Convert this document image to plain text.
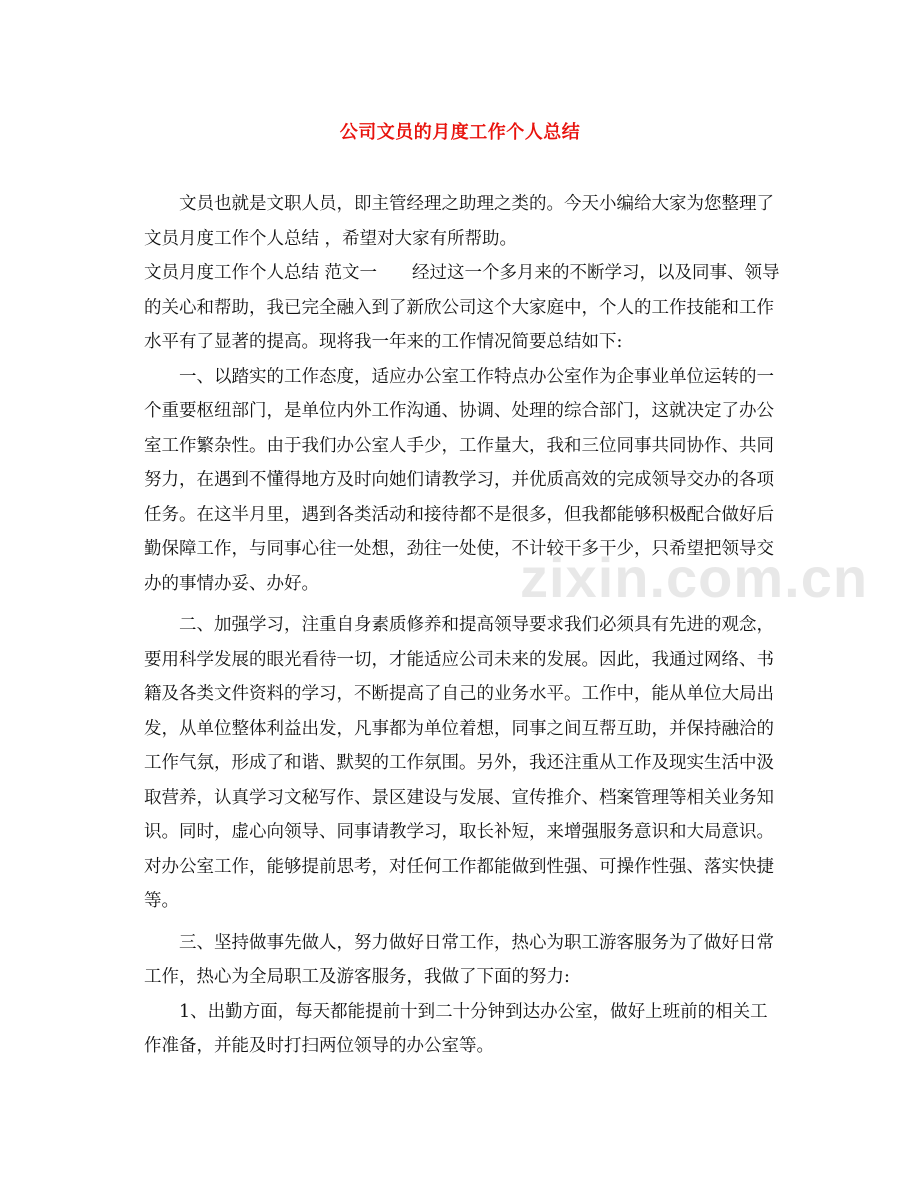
公司文员的月度工作个人总结

文员也就是文职人员，即主管经理之助理之类的。今天小编给大家为您整理了文员月度工作个人总结 ，希望对大家有所帮助。

文员月度工作个人总结 范文一　　经过这一个多月来的不断学习，以及同事、领导的关心和帮助，我已完全融入到了新欣公司这个大家庭中，个人的工作技能和工作水平有了显著的提高。现将我一年来的工作情况简要总结如下:

一、以踏实的工作态度，适应办公室工作特点办公室作为企事业单位运转的一个重要枢纽部门，是单位内外工作沟通、协调、处理的综合部门，这就决定了办公室工作繁杂性。由于我们办公室人手少，工作量大，我和三位同事共同协作、共同努力，在遇到不懂得地方及时向她们请教学习，并优质高效的完成领导交办的各项任务。在这半月里，遇到各类活动和接待都不是很多，但我都能够积极配合做好后勤保障工作，与同事心往一处想，劲往一处使，不计较干多干少，只希望把领导交办的事情办妥、办好。

二、加强学习，注重自身素质修养和提高领导要求我们必须具有先进的观念，要用科学发展的眼光看待一切，才能适应公司未来的发展。因此，我通过网络、书籍及各类文件资料的学习，不断提高了自己的业务水平。工作中，能从单位大局出发，从单位整体利益出发，凡事都为单位着想，同事之间互帮互助，并保持融洽的工作气氛，形成了和谐、默契的工作氛围。另外，我还注重从工作及现实生活中汲取营养，认真学习文秘写作、景区建设与发展、宣传推介、档案管理等相关业务知识。同时，虚心向领导、同事请教学习，取长补短，来增强服务意识和大局意识。对办公室工作，能够提前思考，对任何工作都能做到性强、可操作性强、落实快捷等。

三、坚持做事先做人，努力做好日常工作，热心为职工游客服务为了做好日常工作，热心为全局职工及游客服务，我做了下面的努力:

1、出勤方面，每天都能提前十到二十分钟到达办公室，做好上班前的相关工作准备，并能及时打扫两位领导的办公室等。

zixin.com.cn
